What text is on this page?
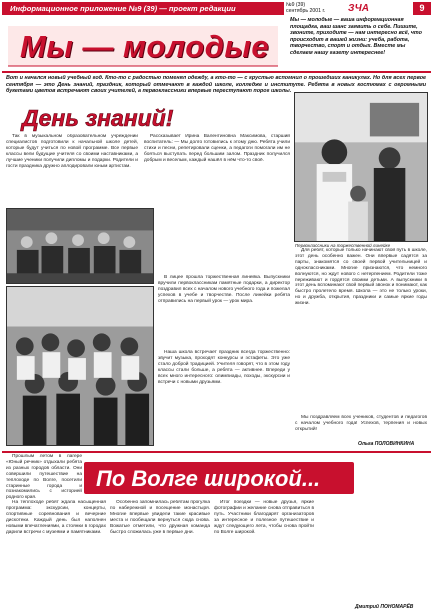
Информационное приложение №9 (39) — проект редакции	№9 (39)
сентябрь 2001 г.	ЗЧА	9
Мы — молодые
Мы — молодые — ваша информационная площадка, ваш шанс заявить о себе. Пишите, звоните, приходите — нам интересно всё, что происходит в вашей жизни: учеба, работа, творчество, спорт и отдых. Вместе мы сделаем нашу газету интереснее!
Вот и начался новый учебный год. Кто-то с радостью поменял одежду, а кто-то — с грустью вспомнил о прошедших каникулах. Но для всех первое сентября — это День знаний, праздник, который отмечают в каждой школе, колледже и институте. Ребята в новых костюмах с огромными букетами цветов встречают своих учителей, а первоклассники впервые переступают порог школы.
День знаний!

Так в музыкальном образовательном учреждении специалистов подготовили к начальной школе детей, которые будут учиться по новой программе. Все первые классы вели будущие учителя со своими наставниками, а лучшие ученики получили дипломы и подарки. Родители и гости праздника дружно аплодировали юным артистам.

Рассказывает Ирина Валентиновна Максимова, старший воспитатель: — Мы долго готовились к этому дню. Ребята учили стихи и песни, репетировали сценки, а педагоги помогали им не бояться выступать перед большим залом. Праздник получился добрым и веселым, каждый нашёл в нём что-то своё.

В лицее прошла торжественная линейка. Выпускники вручили первоклассникам памятные подарки, а директор поздравил всех с началом нового учебного года и пожелал успехов в учебе и творчестве. После линейки ребята отправились на первый урок — урок мира.

Наша школа встречает праздник всегда торжественно: звучит музыка, проходят конкурсы и эстафеты. Это уже стало доброй традицией. Учителя говорят, что в этом году классы стали больше, а ребята — активнее. Впереди у всех много интересного: олимпиады, походы, экскурсии и встречи с новыми друзьями.

Первоклассники на торжественной линейке

Для ребят, которые только начинают свой путь в школе, этот день особенно важен. Они впервые садятся за парты, знакомятся со своей первой учительницей и одноклассниками. Многие признаются, что немного волнуются, но ждут нового с нетерпением. Родители тоже переживают и гордятся своими детьми. А выпускники в этот день вспоминают свой первый звонок и понимают, как быстро пролетело время. Школа — это не только уроки, но и дружба, открытия, праздники и самые яркие годы жизни.

Мы поздравляем всех учеников, студентов и педагогов с началом учебного года! Успехов, терпения и новых открытий!

Ольга ПОЛОВИНКИНА
По Волге широкой...

Прошлым летом в лагере «Юный речник» отдыхали ребята из разных городов области. Они совершили путешествие на теплоходе по Волге, посетили старинные города и познакомились с историей родного края.

На теплоходе ребят ждала насыщенная программа: экскурсии, концерты, спортивные соревнования и вечерние дискотеки. Каждый день был наполнен новыми впечатлениями, а стоянки в городах дарили встречи с музеями и памятниками.

Особенно запомнилась ребятам прогулка по набережной и посещение монастыря. Многие впервые увидели такие красивые места и пообещали вернуться сюда снова. Вожатые отметили, что дружная команда быстро сложилась уже в первые дни.

Итог поездки — новые друзья, яркие фотографии и желание снова отправиться в путь. Участники благодарят организаторов за интересное и полезное путешествие и ждут следующего лета, чтобы снова пройти по Волге широкой.

Дмитрий ПОНОМАРЁВ
